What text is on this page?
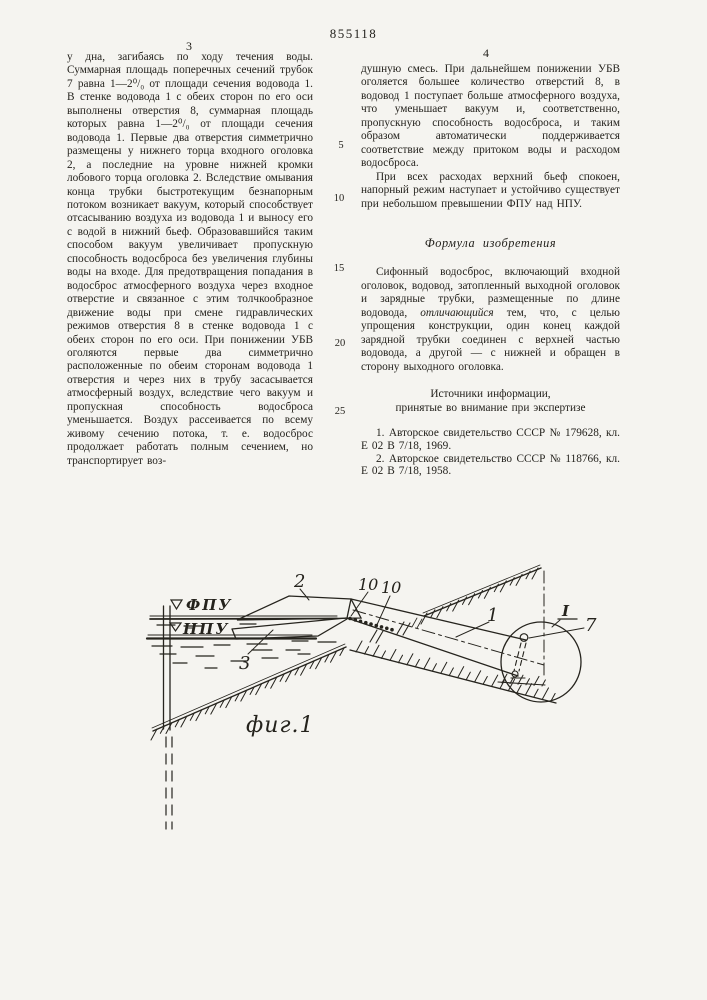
855118
3	4
5
10
15
20
25

у дна, загибаясь по ходу течения воды. Суммарная площадь поперечных сечений трубок 7 равна 1—2⁰/₀ от площади сечения водовода 1. В стенке водовода 1 с обеих сторон по его оси выполнены отверстия 8, суммарная площадь которых равна 1—2⁰/₀ от площади сечения водовода 1. Первые два отверстия симметрично размещены у нижнего торца входного оголовка 2, а последние на уровне нижней кромки лобового торца оголовка 2. Вследствие омывания конца трубки быстротекущим безнапорным потоком возникает вакуум, который способствует отсасыванию воздуха из водовода 1 и выносу его с водой в нижний бьеф. Образовавшийся таким способом вакуум увеличивает пропускную способность водосброса без увеличения глубины воды на входе. Для предотвращения попадания в водосброс атмосферного воздуха через входное отверстие и связанное с этим толчкообразное движение воды при смене гидравлических режимов отверстия 8 в стенке водовода 1 с обеих сторон по его оси. При понижении УБВ оголяются первые два симметрично расположенные по обеим сторонам водовода 1 отверстия и через них в трубу засасывается атмосферный воздух, вследствие чего вакуум и пропускная способность водосброса уменьшается. Воздух рассеивается по всему живому сечению потока, т. е. водосброс продолжает работать полным сечением, но транспортирует воз-

душную смесь. При дальнейшем понижении УБВ оголяется большее количество отверстий 8, в водовод 1 поступает больше атмосферного воздуха, что уменьшает вакуум и, соответственно, пропускную способность водосброса, и таким образом автоматически поддерживается соответствие между притоком воды и расходом водосброса.

При всех расходах верхний бьеф спокоен, напорный режим наступает и устойчиво существует при небольшом превышении ФПУ над НПУ.

Формула изобретения

Сифонный водосброс, включающий входной оголовок, водовод, затопленный выходной оголовок и зарядные трубки, размещенные по длине водовода, отличающийся тем, что, с целью упрощения конструкции, один конец каждой зарядной трубки соединен с верхней частью водовода, а другой — с нижней и обращен в сторону выходного оголовка.

Источники информации,
принятые во внимание при экспертизе

1. Авторское свидетельство СССР № 179628, кл. Е 02 В 7/18, 1969.

2. Авторское свидетельство СССР № 118766, кл. Е 02 В 7/18, 1958.

ФПУ
НПУ
2	10 10
3
1	I
7
фиг.1
